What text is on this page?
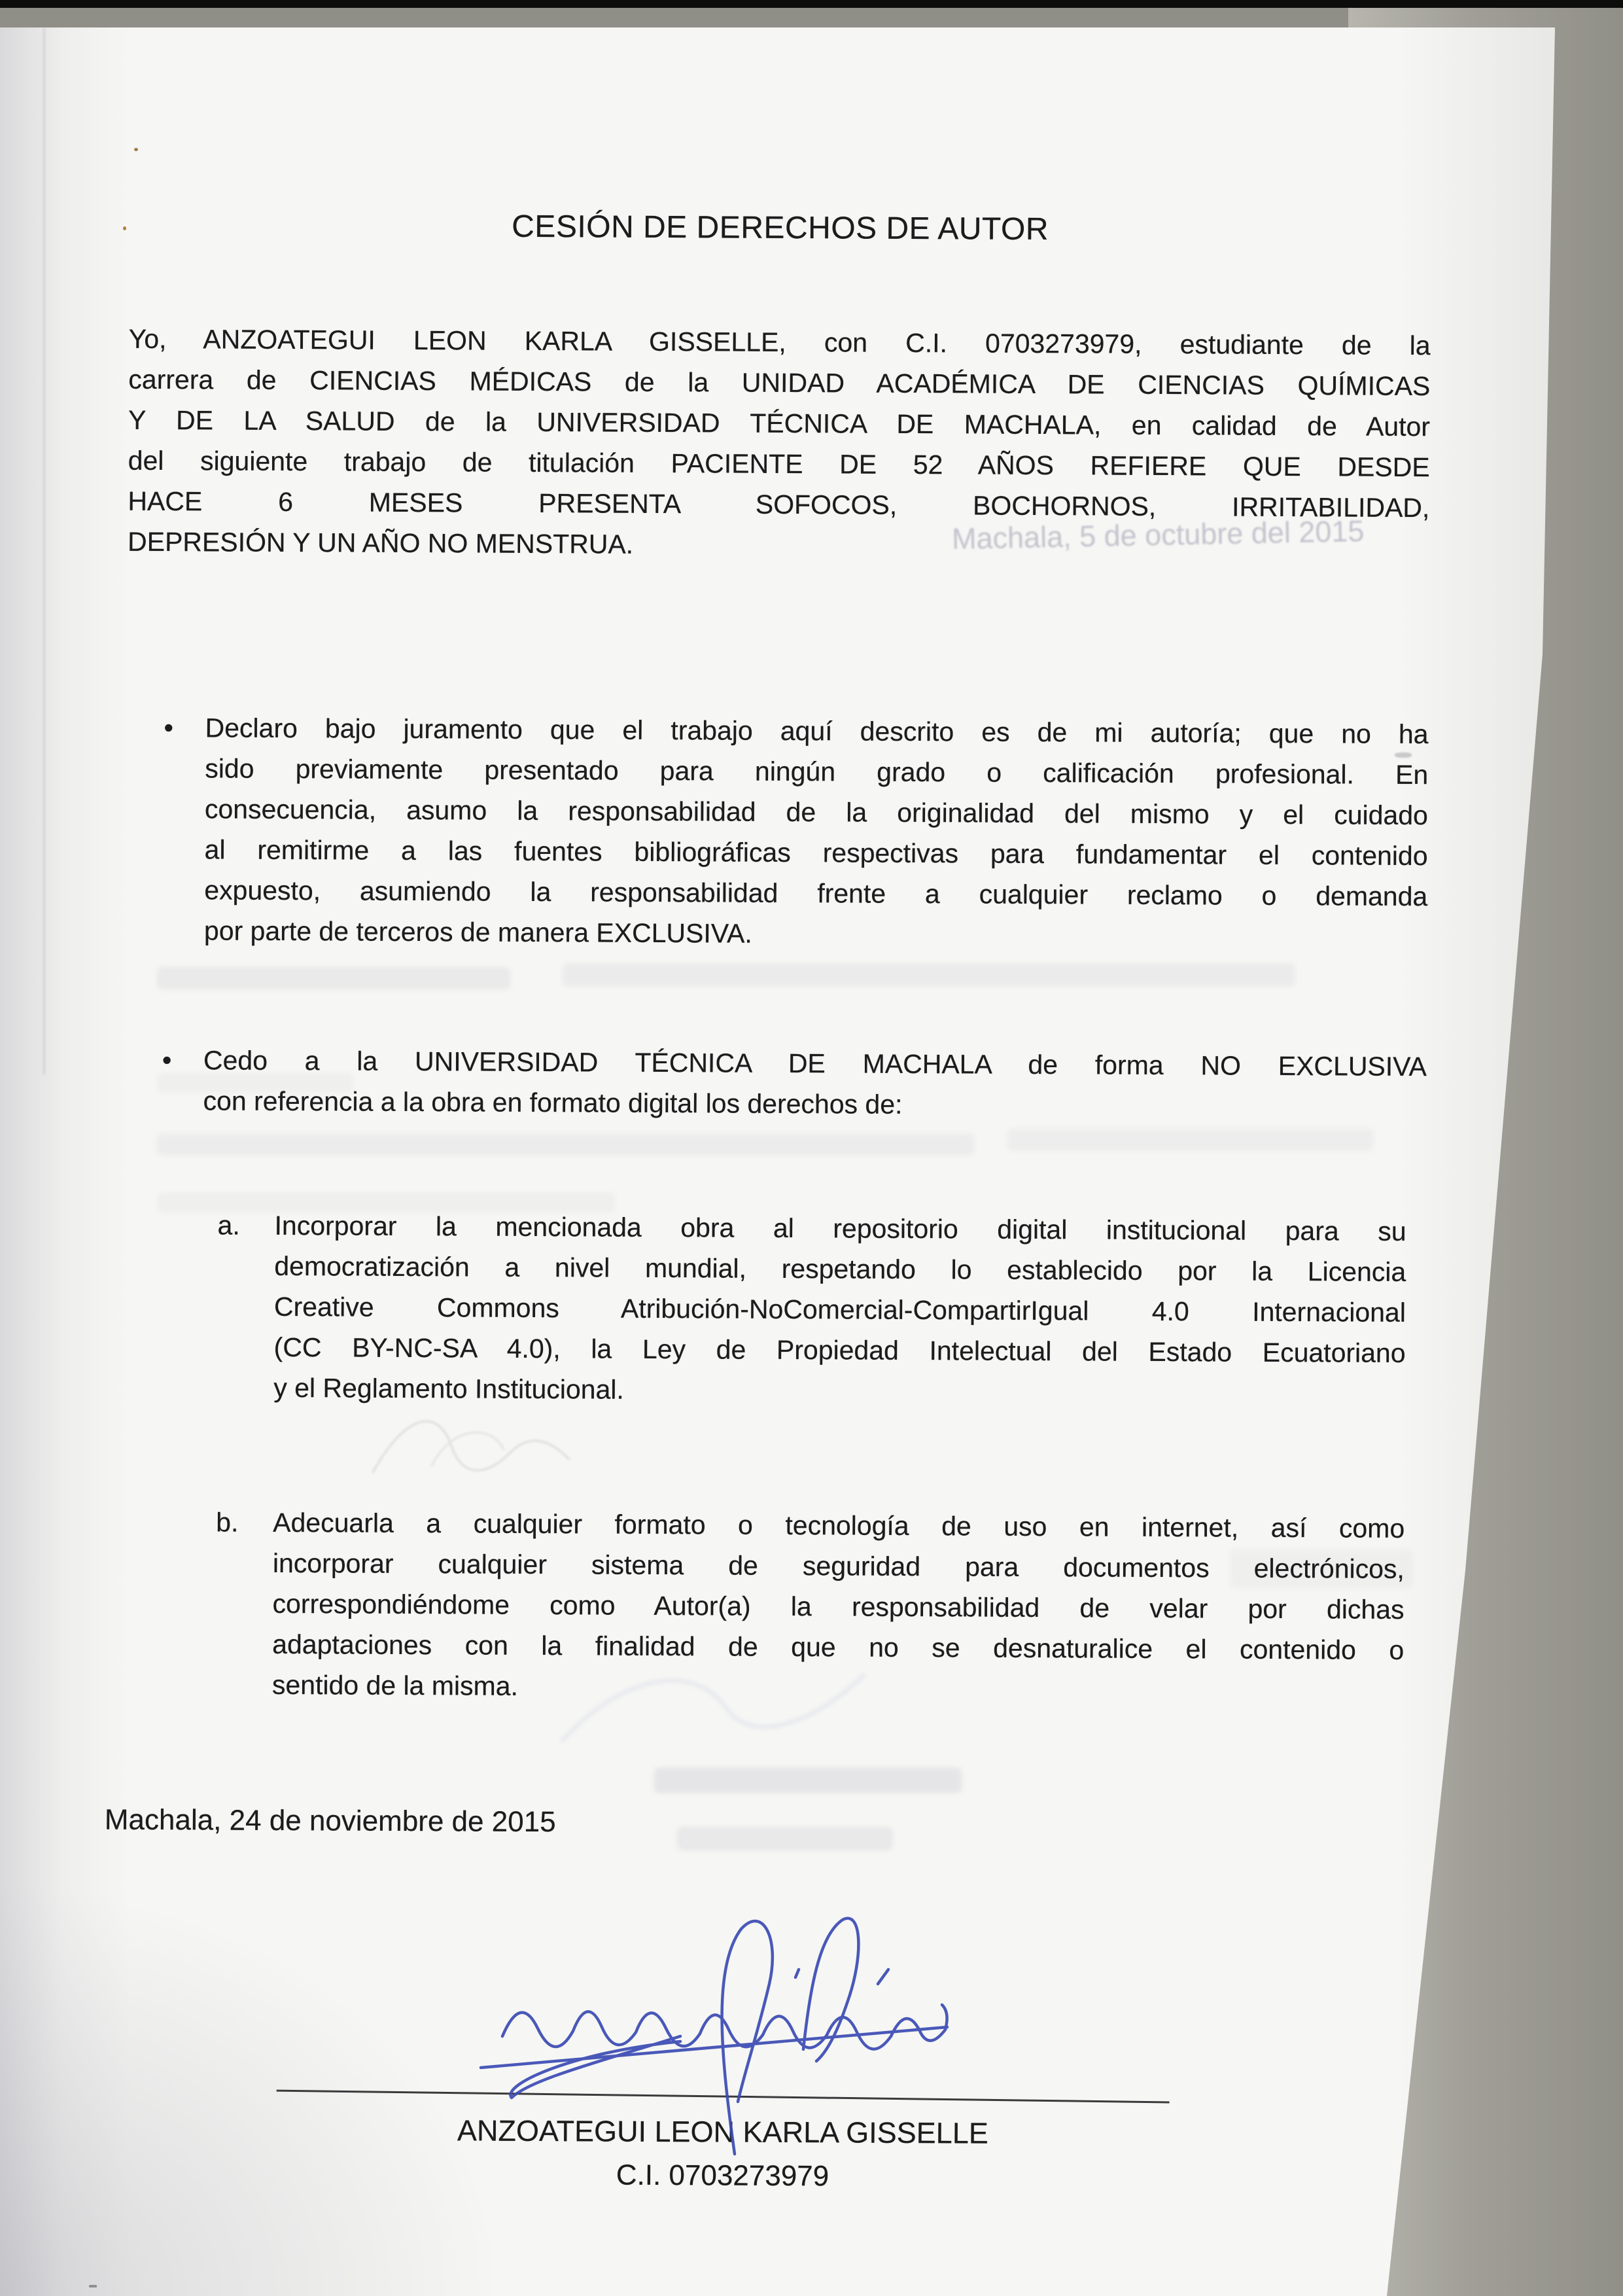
Machala, 5 de octubre del 2015
CESIÓN DE DERECHOS DE AUTOR
Yo, ANZOATEGUI LEON KARLA GISSELLE, con C.I. 0703273979, estudiante de la
carrera de CIENCIAS MÉDICAS de la UNIDAD ACADÉMICA DE CIENCIAS QUÍMICAS
Y DE LA SALUD de la UNIVERSIDAD TÉCNICA DE MACHALA, en calidad de Autor
del siguiente trabajo de titulación PACIENTE DE 52 AÑOS REFIERE QUE DESDE
HACE 6 MESES PRESENTA SOFOCOS, BOCHORNOS, IRRITABILIDAD,
DEPRESIÓN Y UN AÑO NO MENSTRUA.
• Declaro bajo juramento que el trabajo aquí descrito es de mi autoría; que no ha
sido previamente presentado para ningún grado o calificación profesional. En
consecuencia, asumo la responsabilidad de la originalidad del mismo y el cuidado
al remitirme a las fuentes bibliográficas respectivas para fundamentar el contenido
expuesto, asumiendo la responsabilidad frente a cualquier reclamo o demanda
por parte de terceros de manera EXCLUSIVA.
• Cedo a la UNIVERSIDAD TÉCNICA DE MACHALA de forma NO EXCLUSIVA
con referencia a la obra en formato digital los derechos de:
a. Incorporar la mencionada obra al repositorio digital institucional para su
democratización a nivel mundial, respetando lo establecido por la Licencia
Creative Commons Atribución-NoComercial-CompartirIgual 4.0 Internacional
(CC BY-NC-SA 4.0), la Ley de Propiedad Intelectual del Estado Ecuatoriano
y el Reglamento Institucional.
b. Adecuarla a cualquier formato o tecnología de uso en internet, así como
incorporar cualquier sistema de seguridad para documentos electrónicos,
correspondiéndome como Autor(a) la responsabilidad de velar por dichas
adaptaciones con la finalidad de que no se desnaturalice el contenido o
sentido de la misma.
Machala, 24 de noviembre de 2015
ANZOATEGUI LEON KARLA GISSELLE
C.I. 0703273979
